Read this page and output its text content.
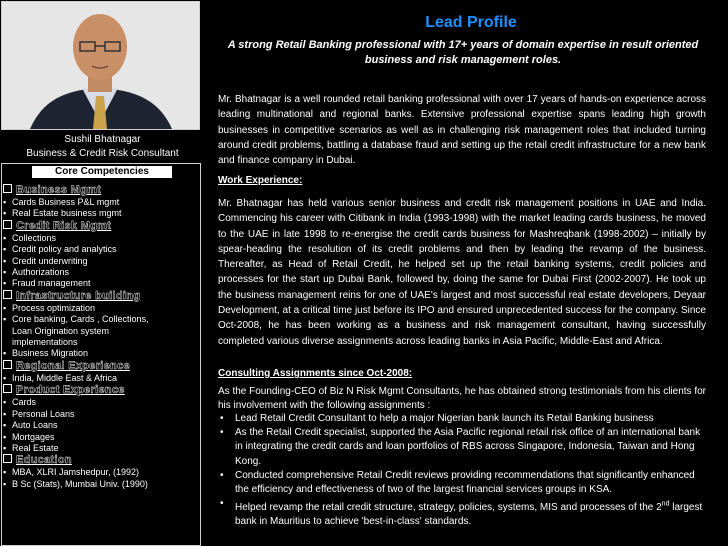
Sushil Bhatnagar
Business & Credit Risk Consultant
Core Competencies
Business Mgmt
▪ Cards Business P&L mgmt
▪ Real Estate business mgmt
Credit Risk Mgmt
▪ Collections
▪ Credit policy and analytics
▪ Credit underwriting
▪ Authorizations
▪ Fraud management
Infrastructure building
▪ Process optimization
▪ Core banking, Cards , Collections,
Loan Origination system
implementations
▪ Business Migration
Regional Experience
▪ India, Middle East & Africa
Product Experience
▪ Cards
▪ Personal Loans
▪ Auto Loans
▪ Mortgages
▪ Real Estate
Education
▪ MBA, XLRI Jamshedpur, (1992)
▪ B Sc (Stats), Mumbai Univ. (1990)
Lead Profile
A strong Retail Banking professional with 17+ years of domain expertise in result oriented business and risk management roles.
Mr. Bhatnagar is a well rounded retail banking professional with over 17 years of hands-on experience across leading multinational and regional banks. Extensive professional expertise spans leading high growth businesses in competitive scenarios as well as in challenging risk management roles that included turning around credit problems, battling a database fraud and setting up the retail credit infrastructure for a new bank and finance company in Dubai.
Work Experience:
Mr. Bhatnagar has held various senior business and credit risk management positions in UAE and India. Commencing his career with Citibank in India (1993-1998) with the market leading cards business, he moved to the UAE in late 1998 to re-energise the credit cards business for Mashreqbank (1998-2002) – initially by spear-heading the resolution of its credit problems and then by leading the revamp of the business. Thereafter, as Head of Retail Credit, he helped set up the retail banking systems, credit policies and processes for the start up Dubai Bank, followed by, doing the same for Dubai First (2002-2007). He took up the business management reins for one of UAE's largest and most successful real estate developers, Deyaar Development, at a critical time just before its IPO and ensured unprecedented success for the company. Since Oct-2008, he has been working as a business and risk management consultant, having successfully completed various diverse assignments across leading banks in Asia Pacific, Middle-East and Africa.
Consulting Assignments since Oct-2008:
As the Founding-CEO of Biz N Risk Mgmt Consultants, he has obtained strong testimonials from his clients for his involvement with the following assignments :
• Lead Retail Credit Consultant to help a major Nigerian bank launch its Retail Banking business
• As the Retail Credit specialist, supported the Asia Pacific regional retail risk office of an international bank in integrating the credit cards and loan portfolios of RBS across Singapore, Indonesia, Taiwan and Hong Kong.
• Conducted comprehensive Retail Credit reviews providing recommendations that significantly enhanced the efficiency and effectiveness of two of the largest financial services groups in KSA.
• Helped revamp the retail credit structure, strategy, policies, systems, MIS and processes of the 2nd largest bank in Mauritius to achieve 'best-in-class' standards.
